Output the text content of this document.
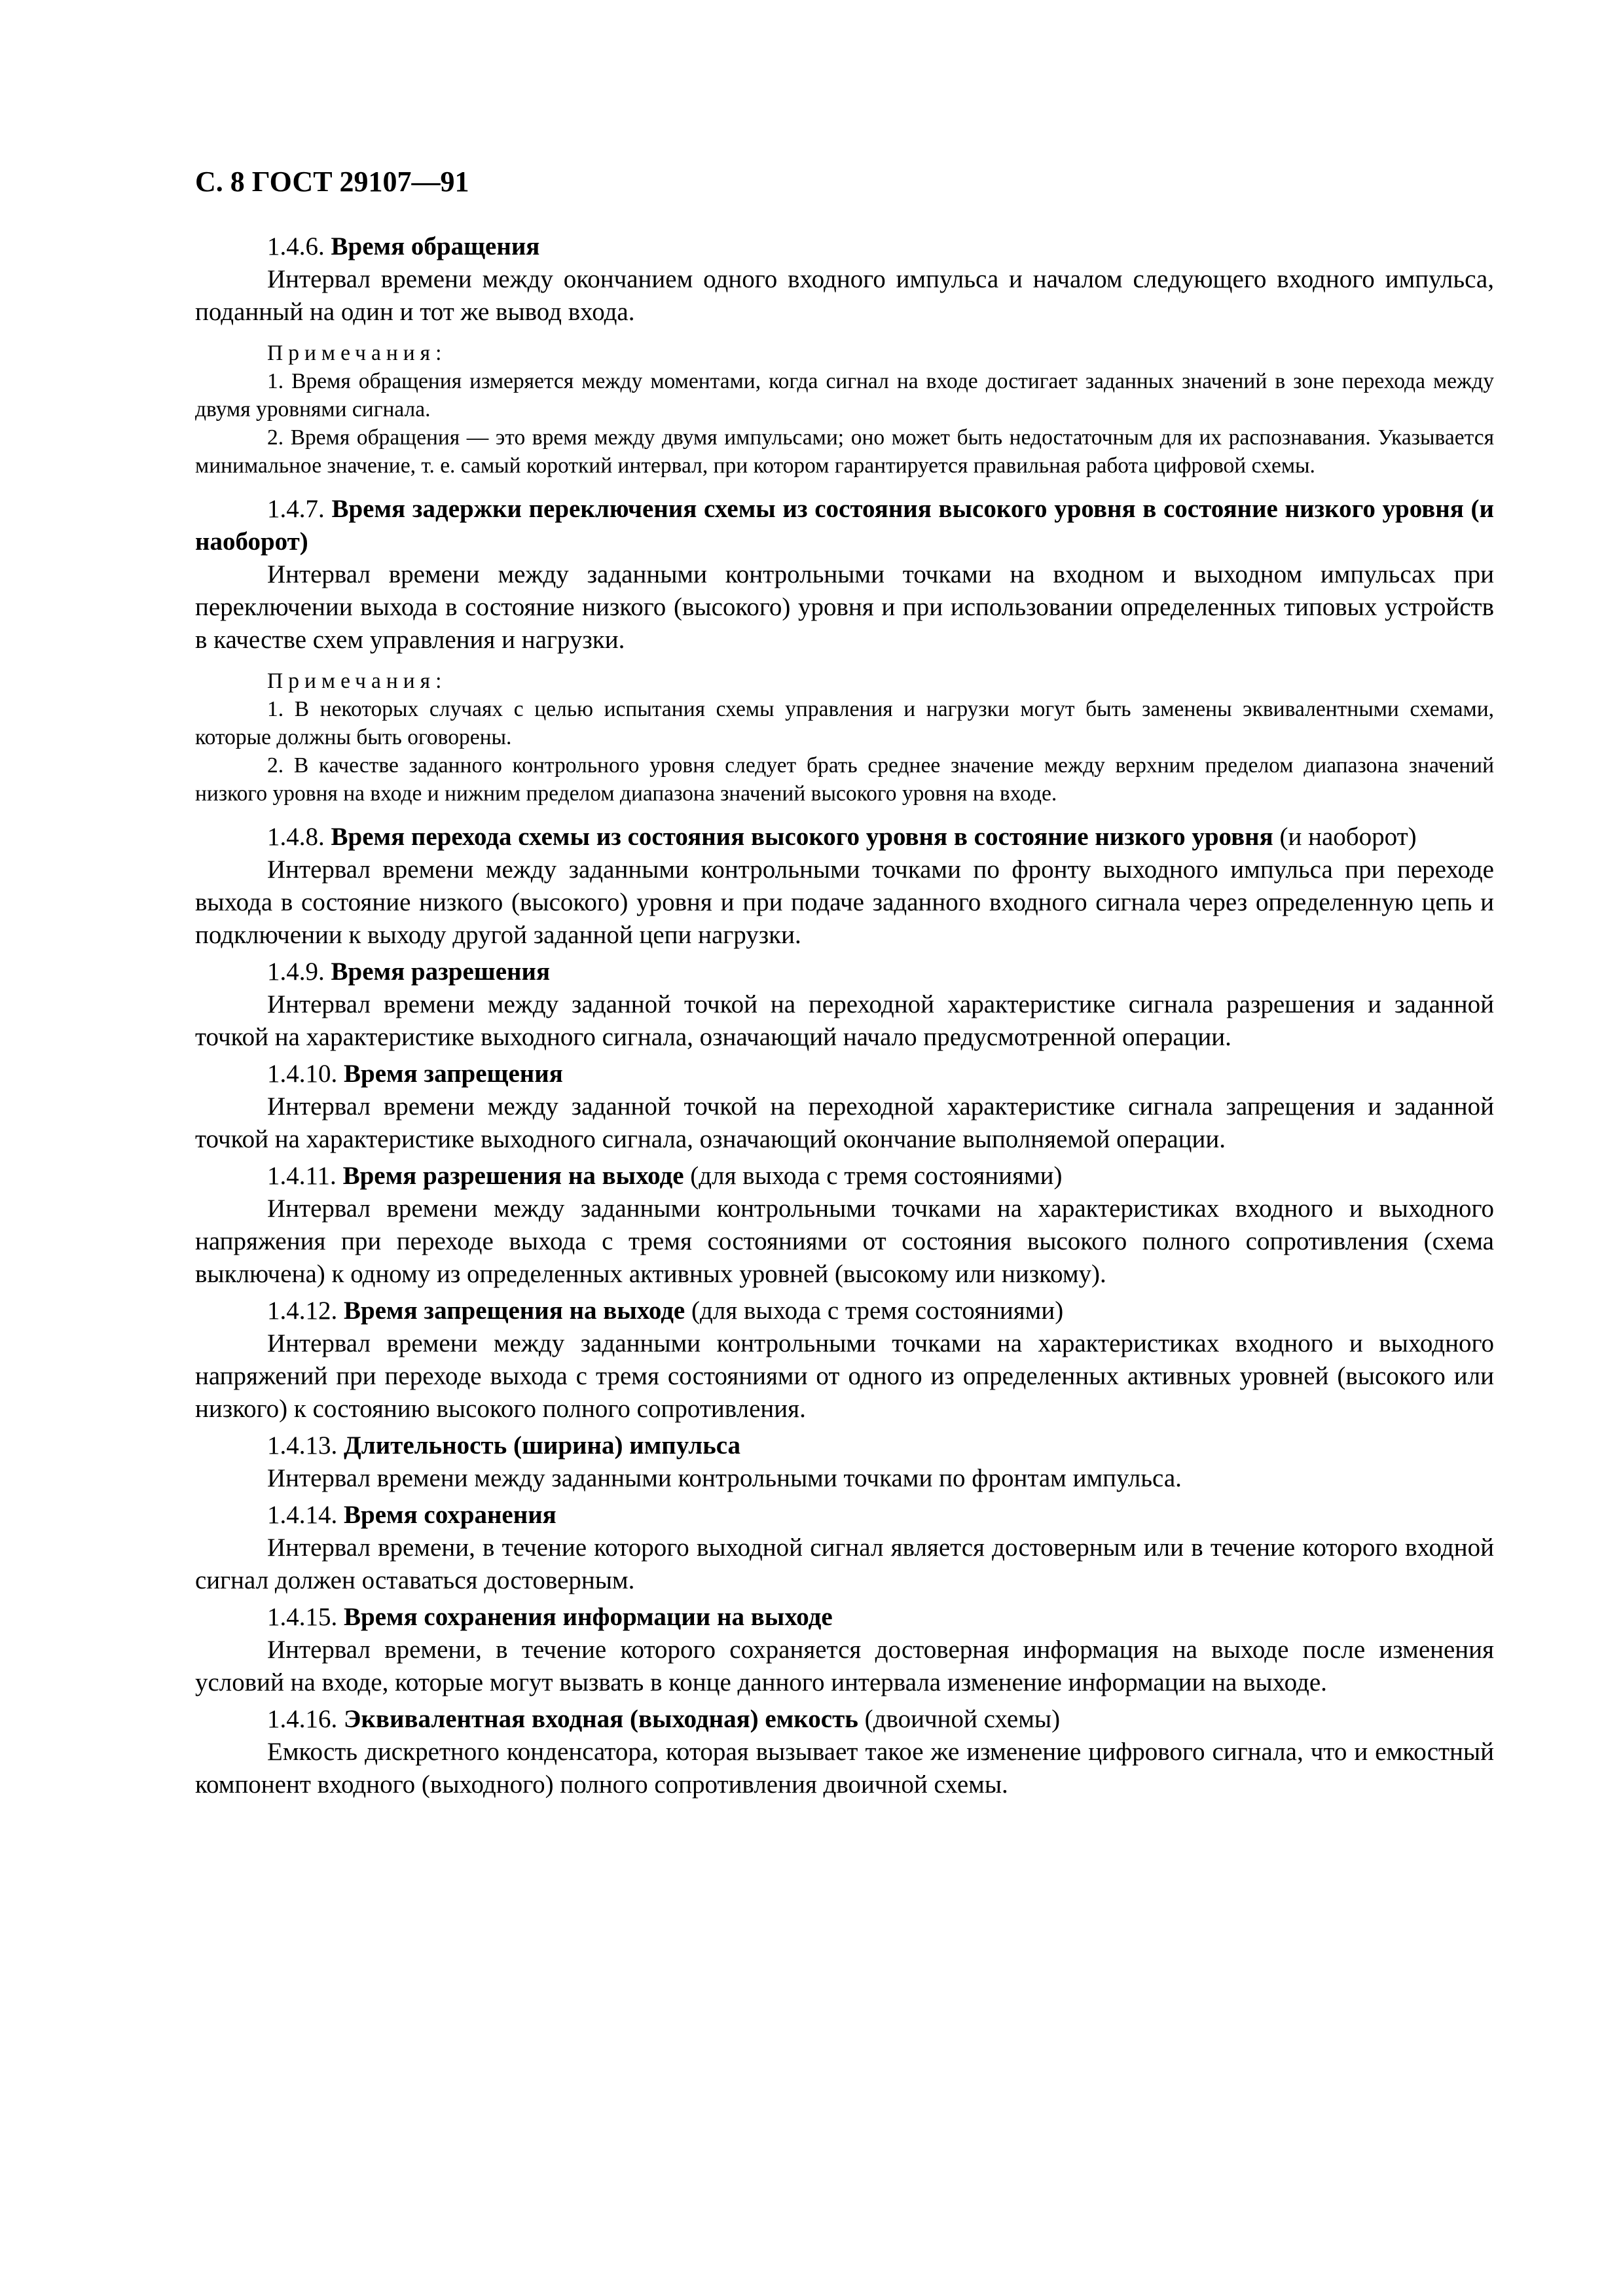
С. 8 ГОСТ 29107—91
1.4.6. Время обращения
Интервал времени между окончанием одного входного импульса и началом следующего входного импульса, поданный на один и тот же вывод входа.
Примечания:
1. Время обращения измеряется между моментами, когда сигнал на входе достигает заданных значений в зоне перехода между двумя уровнями сигнала.
2. Время обращения — это время между двумя импульсами; оно может быть недостаточным для их распознавания. Указывается минимальное значение, т. е. самый короткий интервал, при котором гарантируется правильная работа цифровой схемы.
1.4.7. Время задержки переключения схемы из состояния высокого уровня в состояние низкого уровня (и наоборот)
Интервал времени между заданными контрольными точками на входном и выходном импульсах при переключении выхода в состояние низкого (высокого) уровня и при использовании определенных типовых устройств в качестве схем управления и нагрузки.
Примечания:
1. В некоторых случаях с целью испытания схемы управления и нагрузки могут быть заменены эквивалентными схемами, которые должны быть оговорены.
2. В качестве заданного контрольного уровня следует брать среднее значение между верхним пределом диапазона значений низкого уровня на входе и нижним пределом диапазона значений высокого уровня на входе.
1.4.8. Время перехода схемы из состояния высокого уровня в состояние низкого уровня (и наоборот)
Интервал времени между заданными контрольными точками по фронту выходного импульса при переходе выхода в состояние низкого (высокого) уровня и при подаче заданного входного сигнала через определенную цепь и подключении к выходу другой заданной цепи нагрузки.
1.4.9. Время разрешения
Интервал времени между заданной точкой на переходной характеристике сигнала разрешения и заданной точкой на характеристике выходного сигнала, означающий начало предусмотренной операции.
1.4.10. Время запрещения
Интервал времени между заданной точкой на переходной характеристике сигнала запрещения и заданной точкой на характеристике выходного сигнала, означающий окончание выполняемой операции.
1.4.11. Время разрешения на выходе (для выхода с тремя состояниями)
Интервал времени между заданными контрольными точками на характеристиках входного и выходного напряжения при переходе выхода с тремя состояниями от состояния высокого полного сопротивления (схема выключена) к одному из определенных активных уровней (высокому или низкому).
1.4.12. Время запрещения на выходе (для выхода с тремя состояниями)
Интервал времени между заданными контрольными точками на характеристиках входного и выходного напряжений при переходе выхода с тремя состояниями от одного из определенных активных уровней (высокого или низкого) к состоянию высокого полного сопротивления.
1.4.13. Длительность (ширина) импульса
Интервал времени между заданными контрольными точками по фронтам импульса.
1.4.14. Время сохранения
Интервал времени, в течение которого выходной сигнал является достоверным или в течение которого входной сигнал должен оставаться достоверным.
1.4.15. Время сохранения информации на выходе
Интервал времени, в течение которого сохраняется достоверная информация на выходе после изменения условий на входе, которые могут вызвать в конце данного интервала изменение информации на выходе.
1.4.16. Эквивалентная входная (выходная) емкость (двоичной схемы)
Емкость дискретного конденсатора, которая вызывает такое же изменение цифрового сигнала, что и емкостный компонент входного (выходного) полного сопротивления двоичной схемы.
